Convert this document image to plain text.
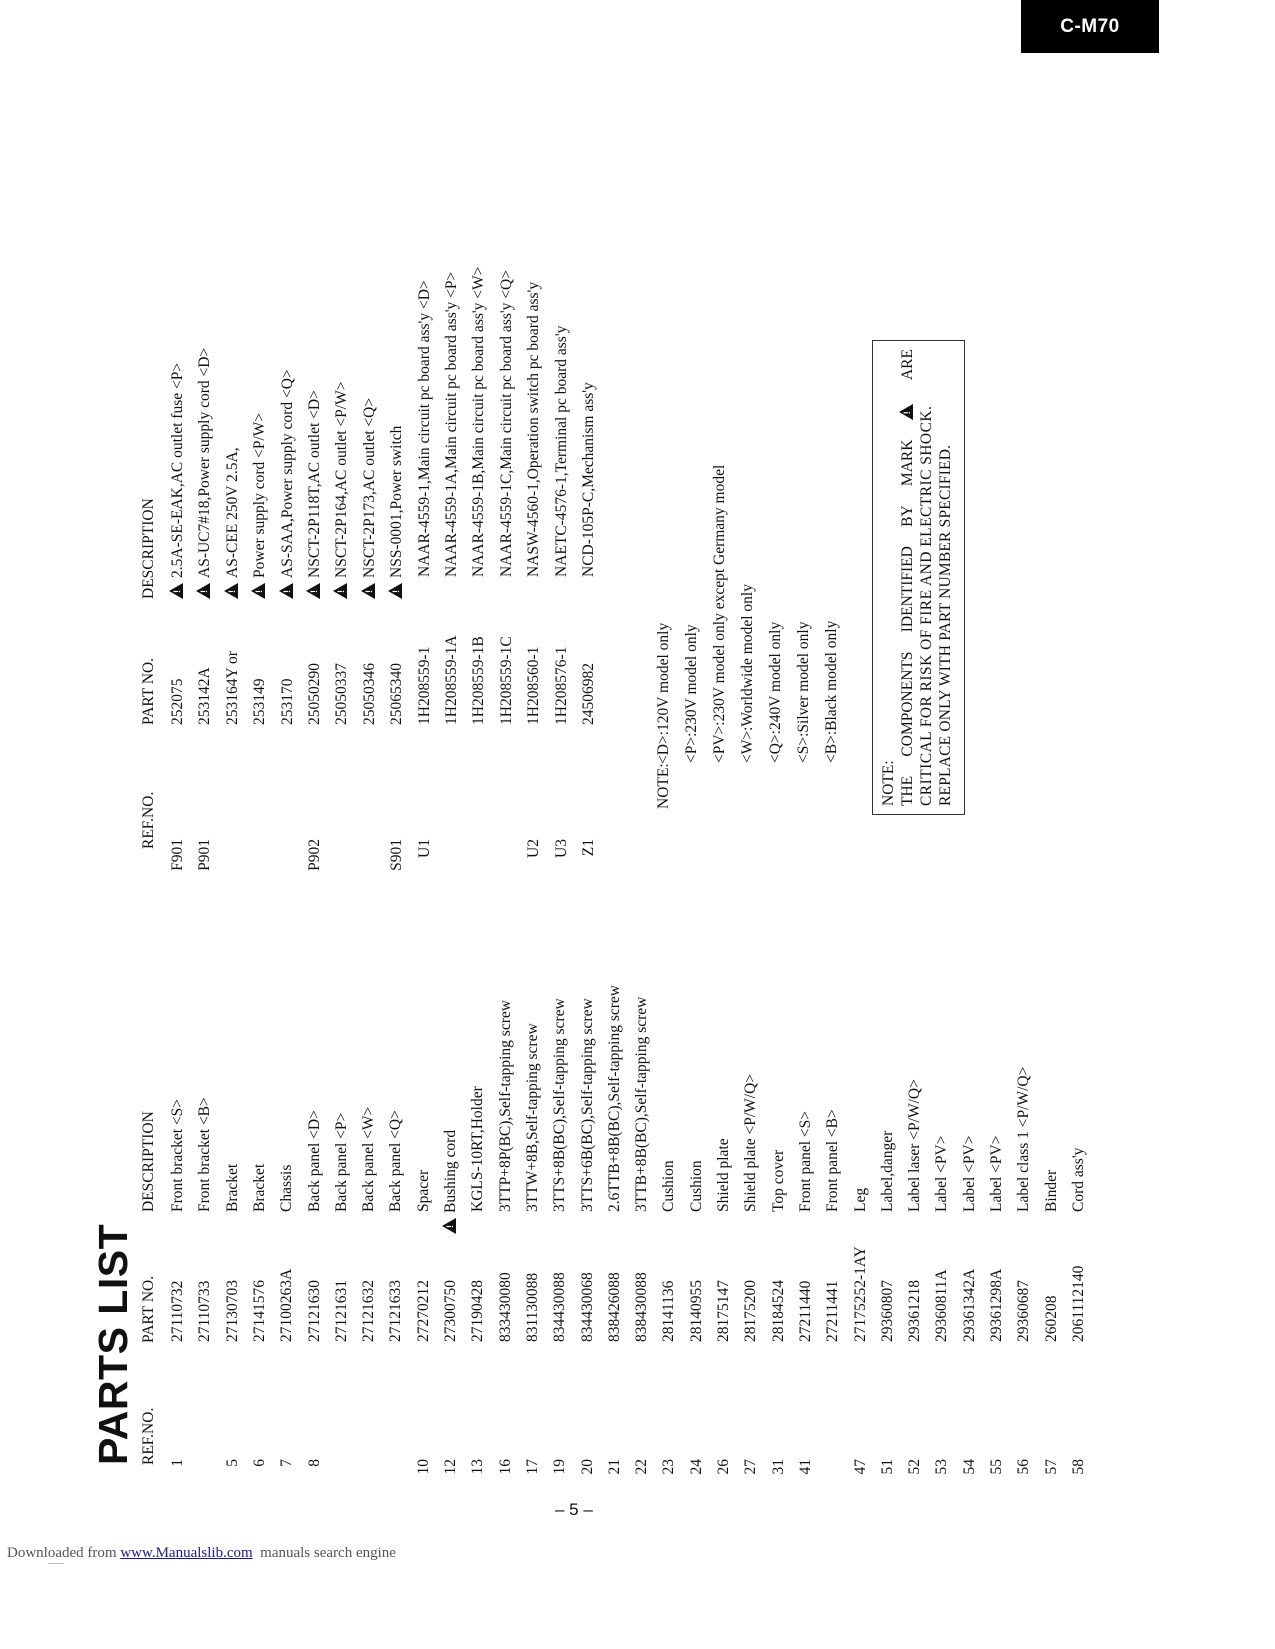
C-M70
PARTS LIST REF.NO.
PART NO.
DESCRIPTION
1
27110732
Front bracket <S>
27110733
Front bracket <B>
5
27130703
Bracket
6
27141576
Bracket
7
27100263A
Chassis
8
27121630
Back panel <D>
27121631
Back panel <P>
27121632
Back panel <W>
27121633
Back panel <Q>
10
27270212
Spacer
12
27300750
!Bushing cord
13
27190428
KGLS-10RT,Holder
16
833430080
3TTP+8P(BC),Self-tapping screw
17
831130088
3TTW+8B,Self-tapping screw
19
834430088
3TTS+8B(BC),Self-tapping screw
20
834430068
3TTS+6B(BC),Self-tapping screw
21
838426088
2.6TTB+8B(BC),Self-tapping screw
22
838430088
3TTB+8B(BC),Self-tapping screw
23
28141136
Cushion
24
28140955
Cushion
26
28175147
Shield plate
27
28175200
Shield plate <P/W/Q>
31
28184524
Top cover
41
27211440
Front panel <S>
27211441
Front panel <B>
47
27175252-1AY
Leg
51
29360807
Label,danger
52
29361218
Label laser <P/W/Q>
53
29360811A
Label <PV>
54
29361342A
Label <PV>
55
29361298A
Label <PV>
56
29360687
Label class 1 <P/W/Q>
57
260208
Binder
58
2061112140
Cord ass'y
REF.NO.
PART NO.
DESCRIPTION
F901
252075
!2.5A-SE-EAK,AC outlet fuse <P>
P901
253142A
!AS-UC7#18,Power supply cord <D>
253164Y or
!AS-CEE 250V 2.5A,
253149
!Power supply cord <P/W>
253170
!AS-SAA,Power supply cord <Q>
P902
25050290
!NSCT-2P118T,AC outlet <D>
25050337
!NSCT-2P164,AC outlet <P/W>
25050346
!NSCT-2P173,AC outlet <Q>
S901
25065340
!NSS-0001,Power switch
U1
1H208559-1
NAAR-4559-1,Main circuit pc board ass'y <D>
1H208559-1A
NAAR-4559-1A,Main circuit pc board ass'y <P>
1H208559-1B
NAAR-4559-1B,Main circuit pc board ass'y <W>
1H208559-1C
NAAR-4559-1C,Main circuit pc board ass'y <Q>
U2
1H208560-1
NASW-4560-1,Operation switch pc board ass'y
U3
1H208576-1
NAETC-4576-1,Terminal pc board ass'y
Z1
24506982
NCD-105P-C,Mechanism ass'y
NOTE:
<D>:120V model only <P>:230V model only <PV>:230V model only except Germany model <W>:Worldwide model only <Q>:240V model only <S>:Silver model only <B>:Black model only
NOTE: THE
COMPONENTS
IDENTIFIED
BY
MARK
!
ARE
CRITICAL FOR RISK OF FIRE AND ELECTRIC SHOCK. REPLACE ONLY WITH PART NUMBER SPECIFIED.
– 5 –
Downloaded from www.Manualslib.com  manuals search engine
